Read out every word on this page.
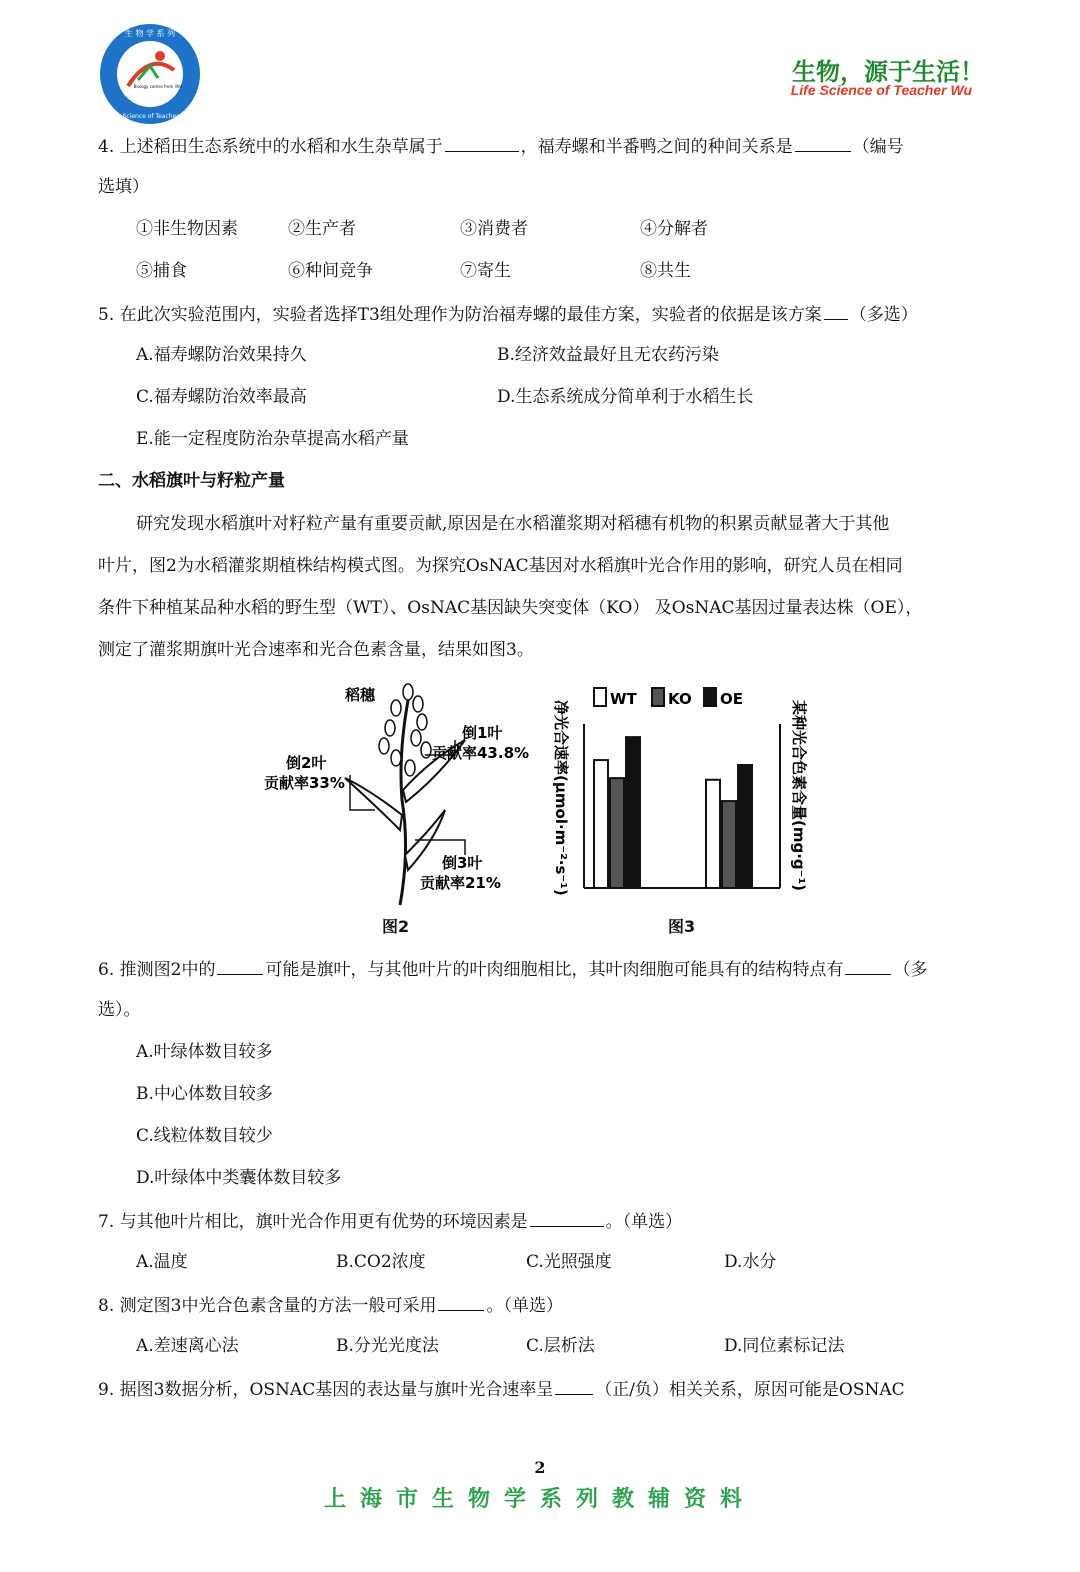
生 物 学 系 列
Biology comes from life!
Life Science of Teacher Wu
生物，源于生活！
Life Science of Teacher Wu
4. 上述稻田生态系统中的水稻和水生杂草属于	，福寿螺和半番鸭之间的种间关系是	（编号
选填）
①非生物因素	②生产者	③消费者	④分解者
⑤捕食	⑥种间竞争	⑦寄生	⑧共生
5. 在此次实验范围内，实验者选择T3组处理作为防治福寿螺的最佳方案，实验者的依据是该方案 （多选）
A.福寿螺防治效果持久	B.经济效益最好且无农药污染
C.福寿螺防治效率最高	D.生态系统成分简单利于水稻生长
E.能一定程度防治杂草提高水稻产量
二、水稻旗叶与籽粒产量
研究发现水稻旗叶对籽粒产量有重要贡献,原因是在水稻灌浆期对稻穗有机物的积累贡献显著大于其他
叶片，图2为水稻灌浆期植株结构模式图。为探究OsNAC基因对水稻旗叶光合作用的影响，研究人员在相同
条件下种植某品种水稻的野生型（WT）、OsNAC基因缺失突变体（KO） 及OsNAC基因过量表达株（OE），
测定了灌浆期旗叶光合速率和光合色素含量，结果如图3。
稻穗
倒1叶
贡献率43.8%
倒2叶
贡献率33%
倒3叶
贡献率21%
图2
净光合速率(μmol·m⁻²·s⁻¹)	某种光合色素含量(mg·g⁻¹)
WT KO OE
图3
6. 推测图2中的	可能是旗叶，与其他叶片的叶肉细胞相比，其叶肉细胞可能具有的结构特点有	（多
选）。
A.叶绿体数目较多
B.中心体数目较多
C.线粒体数目较少
D.叶绿体中类囊体数目较多
7. 与其他叶片相比，旗叶光合作用更有优势的环境因素是	。（单选）
A.温度	B.CO2浓度	C.光照强度	D.水分
8. 测定图3中光合色素含量的方法一般可采用	。（单选）
A.差速离心法	B.分光光度法	C.层析法	D.同位素标记法
9. 据图3数据分析，OSNAC基因的表达量与旗叶光合速率呈 （正/负）相关关系，原因可能是OSNAC
2
上海市生物学系列教辅资料
